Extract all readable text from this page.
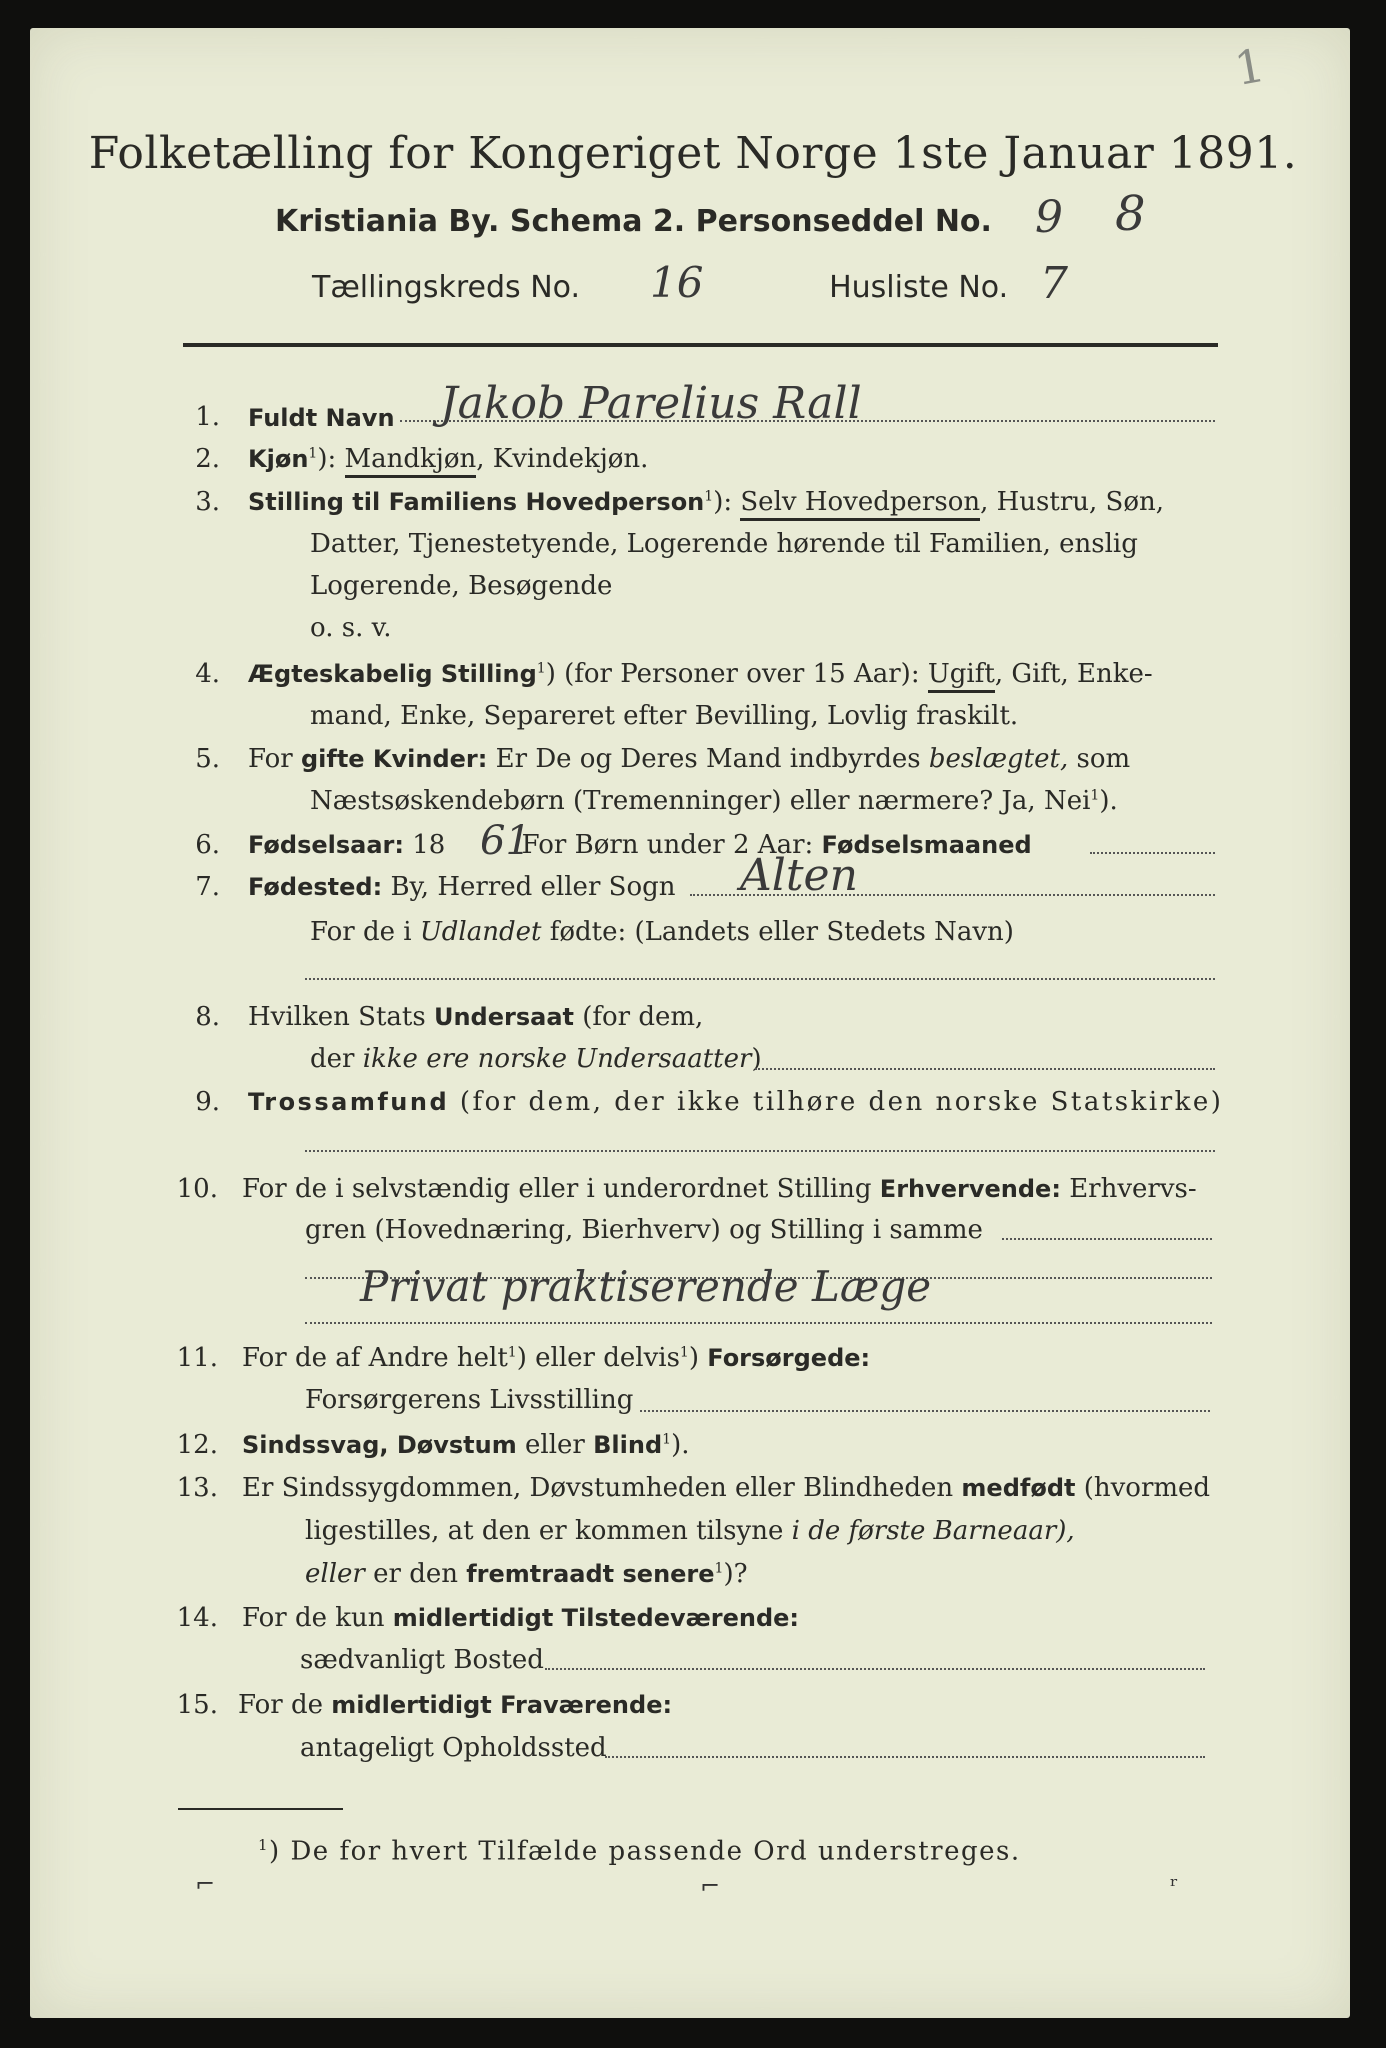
1
Folketælling for Kongeriget Norge 1ste Januar 1891.
Kristiania By. Schema 2. Personseddel No. 9 8
Tællingskreds No.	Husliste No.
16	7
1. Fuldt Navn Jakob Parelius Rall
2. Kjøn$^1$): Mandkjøn, Kvindekjøn.
3. Stilling til Familiens Hovedperson$^1$): Selv Hovedperson, Hustru, Søn,
Datter, Tjenestetyende, Logerende hørende til Familien, enslig
Logerende, Besøgende
o. s. v.
4. Ægteskabelig Stilling$^1$) (for Personer over 15 Aar): Ugift, Gift, Enke-
mand, Enke, Separeret efter Bevilling, Lovlig fraskilt.
5. For gifte Kvinder: Er De og Deres Mand indbyrdes beslægtet, som
Næstsøskendebørn (Tremenninger) eller nærmere? Ja, Nei$^1$).
6. Fødselsaar: 18	For Børn under 2 Aar: Fødselsmaaned
61
7. Fødested: By, Herred eller Sogn Alten
For de i Udlandet fødte: (Landets eller Stedets Navn)
8. Hvilken Stats Undersaat (for dem,
der ikke ere norske Undersaatter)
9. Trossamfund (for dem, der ikke tilhøre den norske Statskirke)
10. For de i selvstændig eller i underordnet Stilling Erhvervende: Erhvervs-
gren (Hovednæring, Bierhverv) og Stilling i samme
Privat praktiserende Læge
11. For de af Andre helt$^1$) eller delvis$^1$) Forsørgede:
Forsørgerens Livsstilling
12. Sindssvag, Døvstum eller Blind$^1$).
13. Er Sindssygdommen, Døvstumheden eller Blindheden medfødt (hvormed
ligestilles, at den er kommen tilsyne i de første Barneaar),
eller er den fremtraadt senere$^1$)?
14. For de kun midlertidigt Tilstedeværende:
sædvanligt Bosted
15. For de midlertidigt Fraværende:
antageligt Opholdssted
$^1$) De for hvert Tilfælde passende Ord understreges.
⌐	⌐	ʳ
